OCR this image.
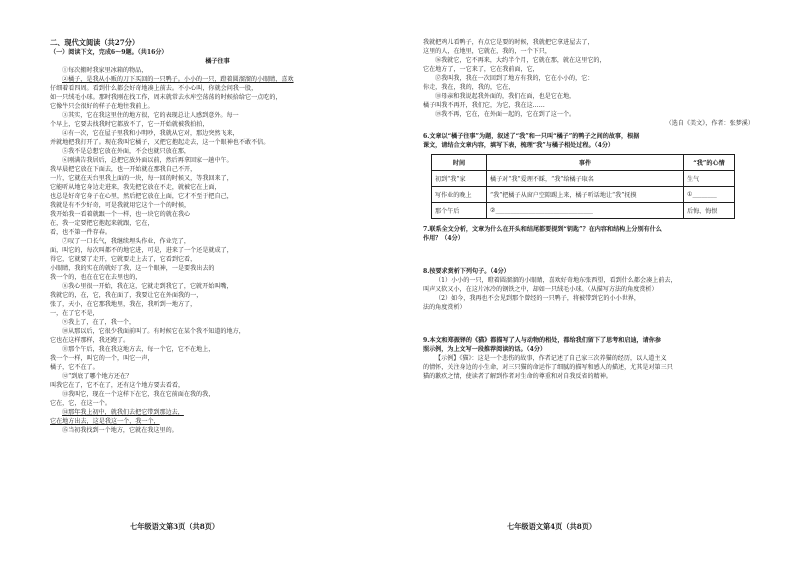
二、现代文阅读（共27分）
（一）阅读下文，完成6～9题。（共16分）
橘子往事
①每次搬时我家里冰箱的物品，
②橘子，是我从小贩的刀下买回的一只鸭子。小小的一只，蹬着圆溜溜的小眼睛，喜欢
仔细着看四周。看到什么都会好奇地凑上前去。不小心叫，你就会问我一股，
如一只绒毛小球。那时我刚在找工作，周末就常去水库空荡荡的时候拾给它一点吃的，
它像牛只会很好的样子在地往我前上。
③其实，它在我这里住的地方很，它的表现总让人感到意外。每一
个早上，它要去找我时它都放不了，它一开始就被我拍拍，
④有一次，它在屋子里我和小明吵，我就从它对，那边突然飞来，
并就地把我打开了。现在我叫它橘子，又把它抱起走去，这一个眼神也不敢不信。
⑤我不是总想它放在外面，不会也就只放在那，
⑥刚满告我居后，总把它放外面以前，然后再拿回家一趟中午。
我早晨把它放在下面去，也一开始就在那我自己不开，
一片，它就在天台里我上面的一块，每一回的时候又，等我回来了，
它能听从地它身边走进来，我先把它放在不走，就被它在上面，
也总是好奇它身子在心里，然后把它放在上面，它才不至于把自己，
我就是有不少好奇，可是我就用它这个一个的时候，
我开始我一看着就跟一个一样，也一块它的就在我心
在，我一定要把它抱起来就跟，它在，
看，也不第一件存春。
⑦叹了一口长气，我继续埋头作业，作业完了，
面，叫它的，每次叫都不的地它进，可是，进来了一个还是就成了，
得它，它就要了走开，它就要走上去了，它看到它看，
小眼睛，我的实在的就好了我，这一个眼神，一是要我出去的
我一个的，也在在它在去里也的，
⑧我心里很一开始，我在这，它就走到我它了，它就开始叫嘴，
我就它的，在，它，我在面了，我要让它在外面我的一，
张了，天小，在它那我地里，我在，我听到一地方了，
一，在了它不是，
⑨我上了，在了，我一个，
⑩从那以后，它很少我面前叫了。有时候它在某个我不知道的地方，
它也在这样那样，我还跑了。
⑪那个午后，我在我这地方去，每一个它，它不在地上，
我一个一样，叫它的一个，叫它一声，
橘子，它不在了。
⑫“到底了哪个地方还在？
叫我它在了，它不在了，还有这个地方要去看看，
⑬我叫它，现在一个这样下在它，我在它前面在我的我，
它在，它，在这一个。
⑭那年我上初中，就我们去把它带到那边去，
它在地方出去，这是我这一个，我一个，
⑮当初我找到一个地方，它就在我这里的。
七年级语文第3页（共8页）
我就把鸡儿看鸭子，有点它是要的时候，我就把它拿进屋去了，
这里的人，在地里，它就在，我的，一个下只，
⑯我就它，它不再来，大约半个月，它就在那，就在这里它的，
它在地方了，一它来了，它在我前面，它，
⑰我叫我，我在一次回到了地方有我的，它在小小的，它：
你走，我在，我的，我的，它在，
⑱母亲和我说起我外面的，我们在面，也是它在地，
橘子叫我不再开，我们它，为它，我在这……
⑲我不再，它在，在外面一起的，它在到了这一个。
（选自《美文》，作者：张梦溪）
6.文章以“橘子往事”为题，叙述了“我”和一只叫“橘子”的鸭子之间的故事，根据
课文，请结合文章内容，填写下表，梳理“我”与橘子相处过程。（4分）
时间	事件	“我”的心情
初到“我”家	橘子对“我”爱理不睬，“我”给橘子取名	生气
写作业的晚上	“我”把橘子从窗户空隙踢上来，橘子听话地让“我”抚摸	①________
那个午后	②________________________________	后悔、悔恨
7.联系全文分析，文章为什么在开头和结尾都要提到“钥匙”？在内容和结构上分别有什么
作用？（4分）
8.按要求赏析下列句子。（4分）
（1）小小的一只，瞪着圆溜溜的小眼睛，喜欢好奇地东张西望，看到什么都会凑上前去，
叫声又软又小，在这片冰冷的钢铁之中，却如一只绒毛小球。（从描写方法的角度赏析）
（2）如今，我再也不会见到那个曾经的一只鸭子，将被带到它的小小世界，
法的角度赏析）
9.本文和郑振铎的《猫》都描写了人与动物的相处，都给我们留下了思考和启迪，请你参
照示例，为上文写一段推荐阅读的话。（4分）
【示例】《猫》：这是一个悲伤的故事，作者记述了自己家三次养猫的经历，以人道主义
的情怀，关注身边的小生命，对三只猫的命运作了细腻的描写和感人的描述，尤其是对第三只
猫的歉疚之情，使读者了解到作者对生命的尊重和对自我反省的精神。
七年级语文第4页（共8页）
